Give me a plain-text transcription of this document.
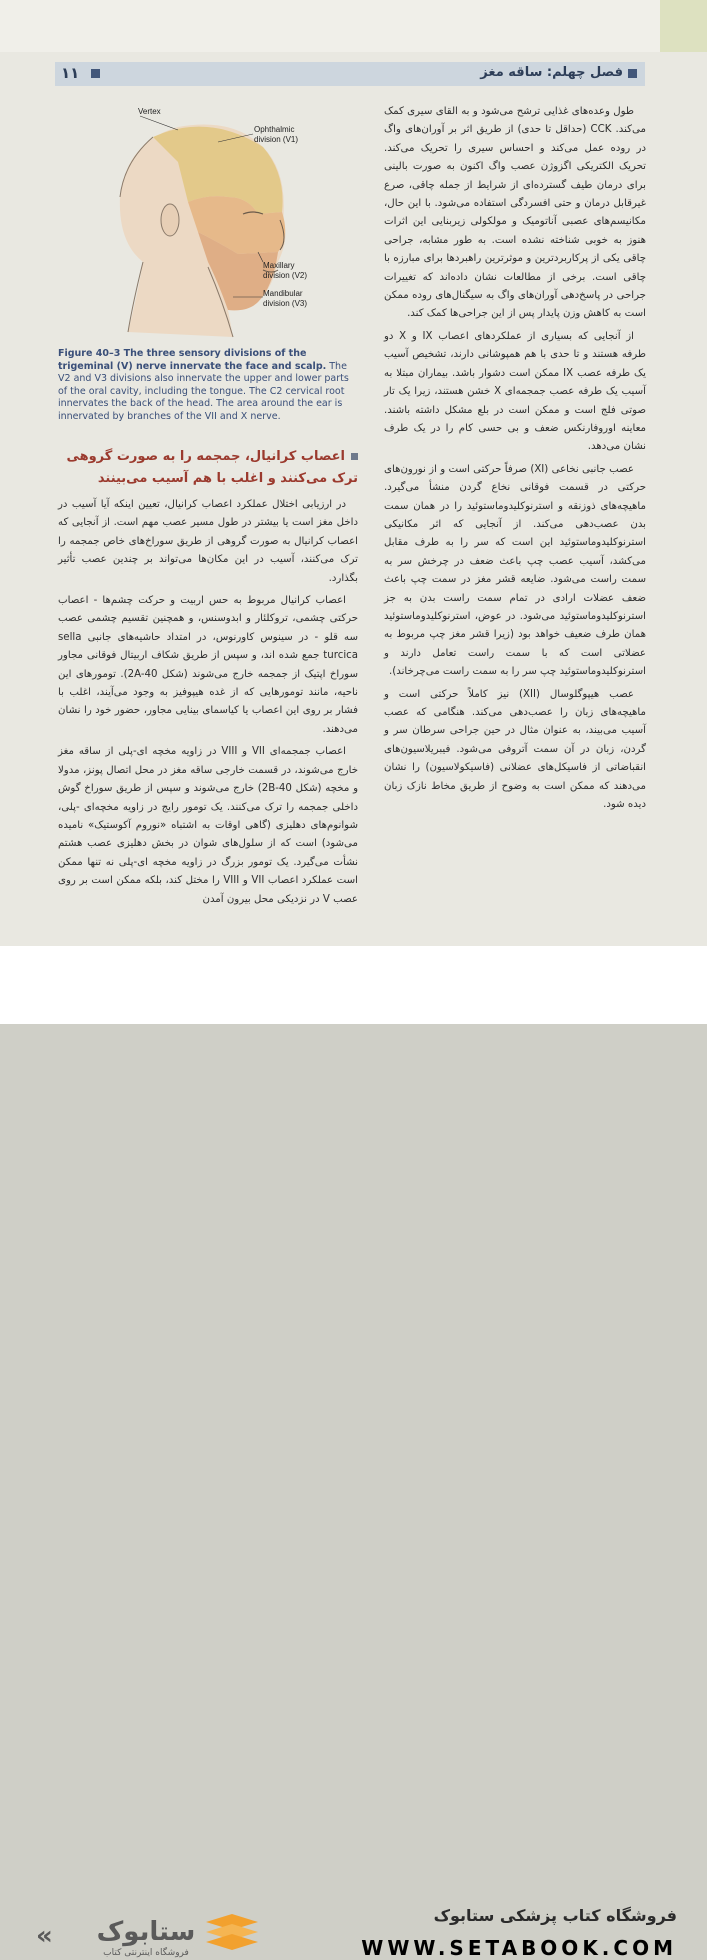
۱۱	فصل چهلم: ساقه مغز
Vertex
Ophthalmic
division (V1)
Maxillary
division (V2)
Mandibular
division (V3)
Figure 40–3 The three sensory divisions of the trigeminal (V) nerve innervate the face and scalp. The V2 and V3 divisions also innervate the upper and lower parts of the oral cavity, including the tongue. The C2 cervical root innervates the back of the head. The area around the ear is innervated by branches of the VII and X nerve.

طول وعده‌های غذایی ترشح می‌شود و به القای سیری کمک می‌کند. CCK (حداقل تا حدی) از طریق اثر بر آوران‌های واگ در روده عمل می‌کند و احساس سیری را تحریک می‌کند. تحریک الکتریکی اگزوژن عصب واگ اکنون به صورت بالینی برای درمان طیف گسترده‌ای از شرایط از جمله چاقی، صرع غیرقابل درمان و حتی افسردگی استفاده می‌شود. با این حال، مکانیسم‌های عصبی آناتومیک و مولکولی زیربنایی این اثرات هنوز به خوبی شناخته نشده است. به طور مشابه، جراحی چاقی یکی از پرکاربردترین و موثرترین راهبردها برای مبارزه با چاقی است. برخی از مطالعات نشان داده‌اند که تغییرات جراحی در پاسخ‌دهی آوران‌های واگ به سیگنال‌های روده ممکن است به کاهش وزن پایدار پس از این جراحی‌ها کمک کند.

از آنجایی که بسیاری از عملکردهای اعصاب IX و X دو طرفه هستند و تا حدی با هم همپوشانی دارند، تشخیص آسیب یک طرفه عصب IX ممکن است دشوار باشد. بیماران مبتلا به آسیب یک طرفه عصب جمجمه‌ای X خشن هستند، زیرا یک تار صوتی فلج است و ممکن است در بلع مشکل داشته باشند. معاینه اوروفارنکس ضعف و بی حسی کام را در یک طرف نشان می‌دهد.

عصب جانبی نخاعی (XI) صرفاً حرکتی است و از نورون‌های حرکتی در قسمت فوقانی نخاع گردن منشأ می‌گیرد. ماهیچه‌های ذوزنقه و استرنوکلیدوماستوئید را در همان سمت بدن عصب‌دهی می‌کند. از آنجایی که اثر مکانیکی استرنوکلیدوماستوئید این است که سر را به طرف مقابل می‌کشد، آسیب عصب چپ باعث ضعف در چرخش سر به سمت راست می‌شود. ضایعه قشر مغز در سمت چپ باعث ضعف عضلات ارادی در تمام سمت راست بدن به جز استرنوکلیدوماستوئید می‌شود. در عوض، استرنوکلیدوماستوئید همان طرف ضعیف خواهد بود (زیرا قشر مغز چپ مربوط به عضلاتی است که با سمت راست تعامل دارند و استرنوکلیدوماستوئید چپ سر را به سمت راست می‌چرخاند).

عصب هیپوگلوسال (XII) نیز کاملاً حرکتی است و ماهیچه‌های زبان را عصب‌دهی می‌کند. هنگامی که عصب آسیب می‌بیند، به عنوان مثال در حین جراحی سرطان سر و گردن، زبان در آن سمت آتروفی می‌شود. فیبریلاسیون‌های انقباضاتی از فاسیکل‌های عضلانی (فاسیکولاسیون) را نشان می‌دهند که ممکن است به وضوح از طریق مخاط نازک زبان دیده شود.

اعصاب کرانیال، جمجمه را به صورت گروهی ترک می‌کنند و اغلب با هم آسیب می‌بینند

در ارزیابی اختلال عملکرد اعصاب کرانیال، تعیین اینکه آیا آسیب در داخل مغز است یا بیشتر در طول مسیر عصب مهم است. از آنجایی که اعصاب کرانیال به صورت گروهی از طریق سوراخ‌های خاص جمجمه را ترک می‌کنند، آسیب در این مکان‌ها می‌تواند بر چندین عصب تأثیر بگذارد.

اعصاب کرانیال مربوط به حس اربیت و حرکت چشم‌ها - اعصاب حرکتی چشمی، تروکلئار و ابدوسنس، و همچنین تقسیم چشمی عصب سه قلو - در سینوس کاورنوس، در امتداد حاشیه‌های جانبی sella turcica جمع شده اند، و سپس از طریق شکاف اربیتال فوقانی مجاور سوراخ اپتیک از جمجمه خارج می‌شوند (شکل 2A-40). تومورهای این ناحیه، مانند تومورهایی که از غده هیپوفیز به وجود می‌آیند، اغلب با فشار بر روی این اعصاب یا کیاسمای بینایی مجاور، حضور خود را نشان می‌دهند.

اعصاب جمجمه‌ای VII و VIII در زاویه مخچه ای-پلی از ساقه مغز خارج می‌شوند، در قسمت خارجی ساقه مغز در محل اتصال پونز، مدولا و مخچه (شکل 2B-40) خارج می‌شوند و سپس از طریق سوراخ گوش داخلی جمجمه را ترک می‌کنند. یک تومور رایج در زاویه مخچه‌ای -پلی، شوانوم‌های دهلیزی (گاهی اوقات به اشتباه «نوروم آکوستیک» نامیده می‌شود) است که از سلول‌های شوان در بخش دهلیزی عصب هشتم نشأت می‌گیرد. یک تومور بزرگ در زاویه مخچه ای-پلی نه تنها ممکن است عملکرد اعصاب VII و VIII را مختل کند، بلکه ممکن است بر روی عصب V در نزدیکی محل بیرون آمدن

« ستابوک
فروشگاه اینترنتی کتاب
فروشگاه کتاب پزشکی ستابوک
WWW.SETABOOK.COM
